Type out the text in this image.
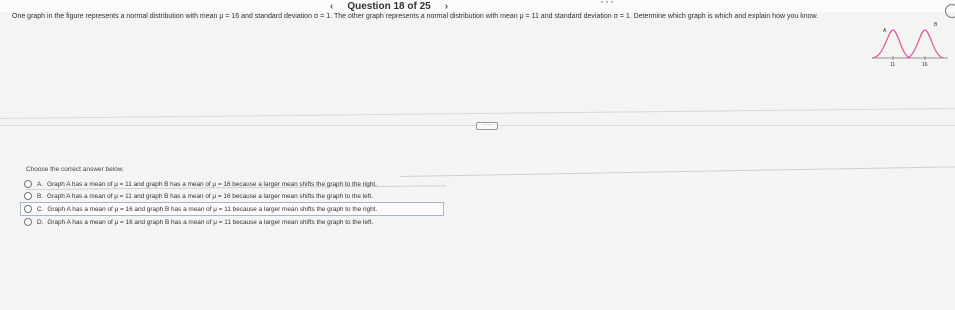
‹ Question 18 of 25 ›	···
One graph in the figure represents a normal distribution with mean μ = 16 and standard deviation σ = 1. The other graph represents a normal distribution with mean μ = 11 and standard deviation σ = 1. Determine which graph is which and explain how you know.
A
B
11	16
·····
Choose the correct answer below.
A. Graph A has a mean of μ = 11 and graph B has a mean of μ = 16 because a larger mean shifts the graph to the right.
B. Graph A has a mean of μ = 11 and graph B has a mean of μ = 16 because a larger mean shifts the graph to the left.
C. Graph A has a mean of μ = 16 and graph B has a mean of μ = 11 because a larger mean shifts the graph to the right.
D. Graph A has a mean of μ = 16 and graph B has a mean of μ = 11 because a larger mean shifts the graph to the left.
